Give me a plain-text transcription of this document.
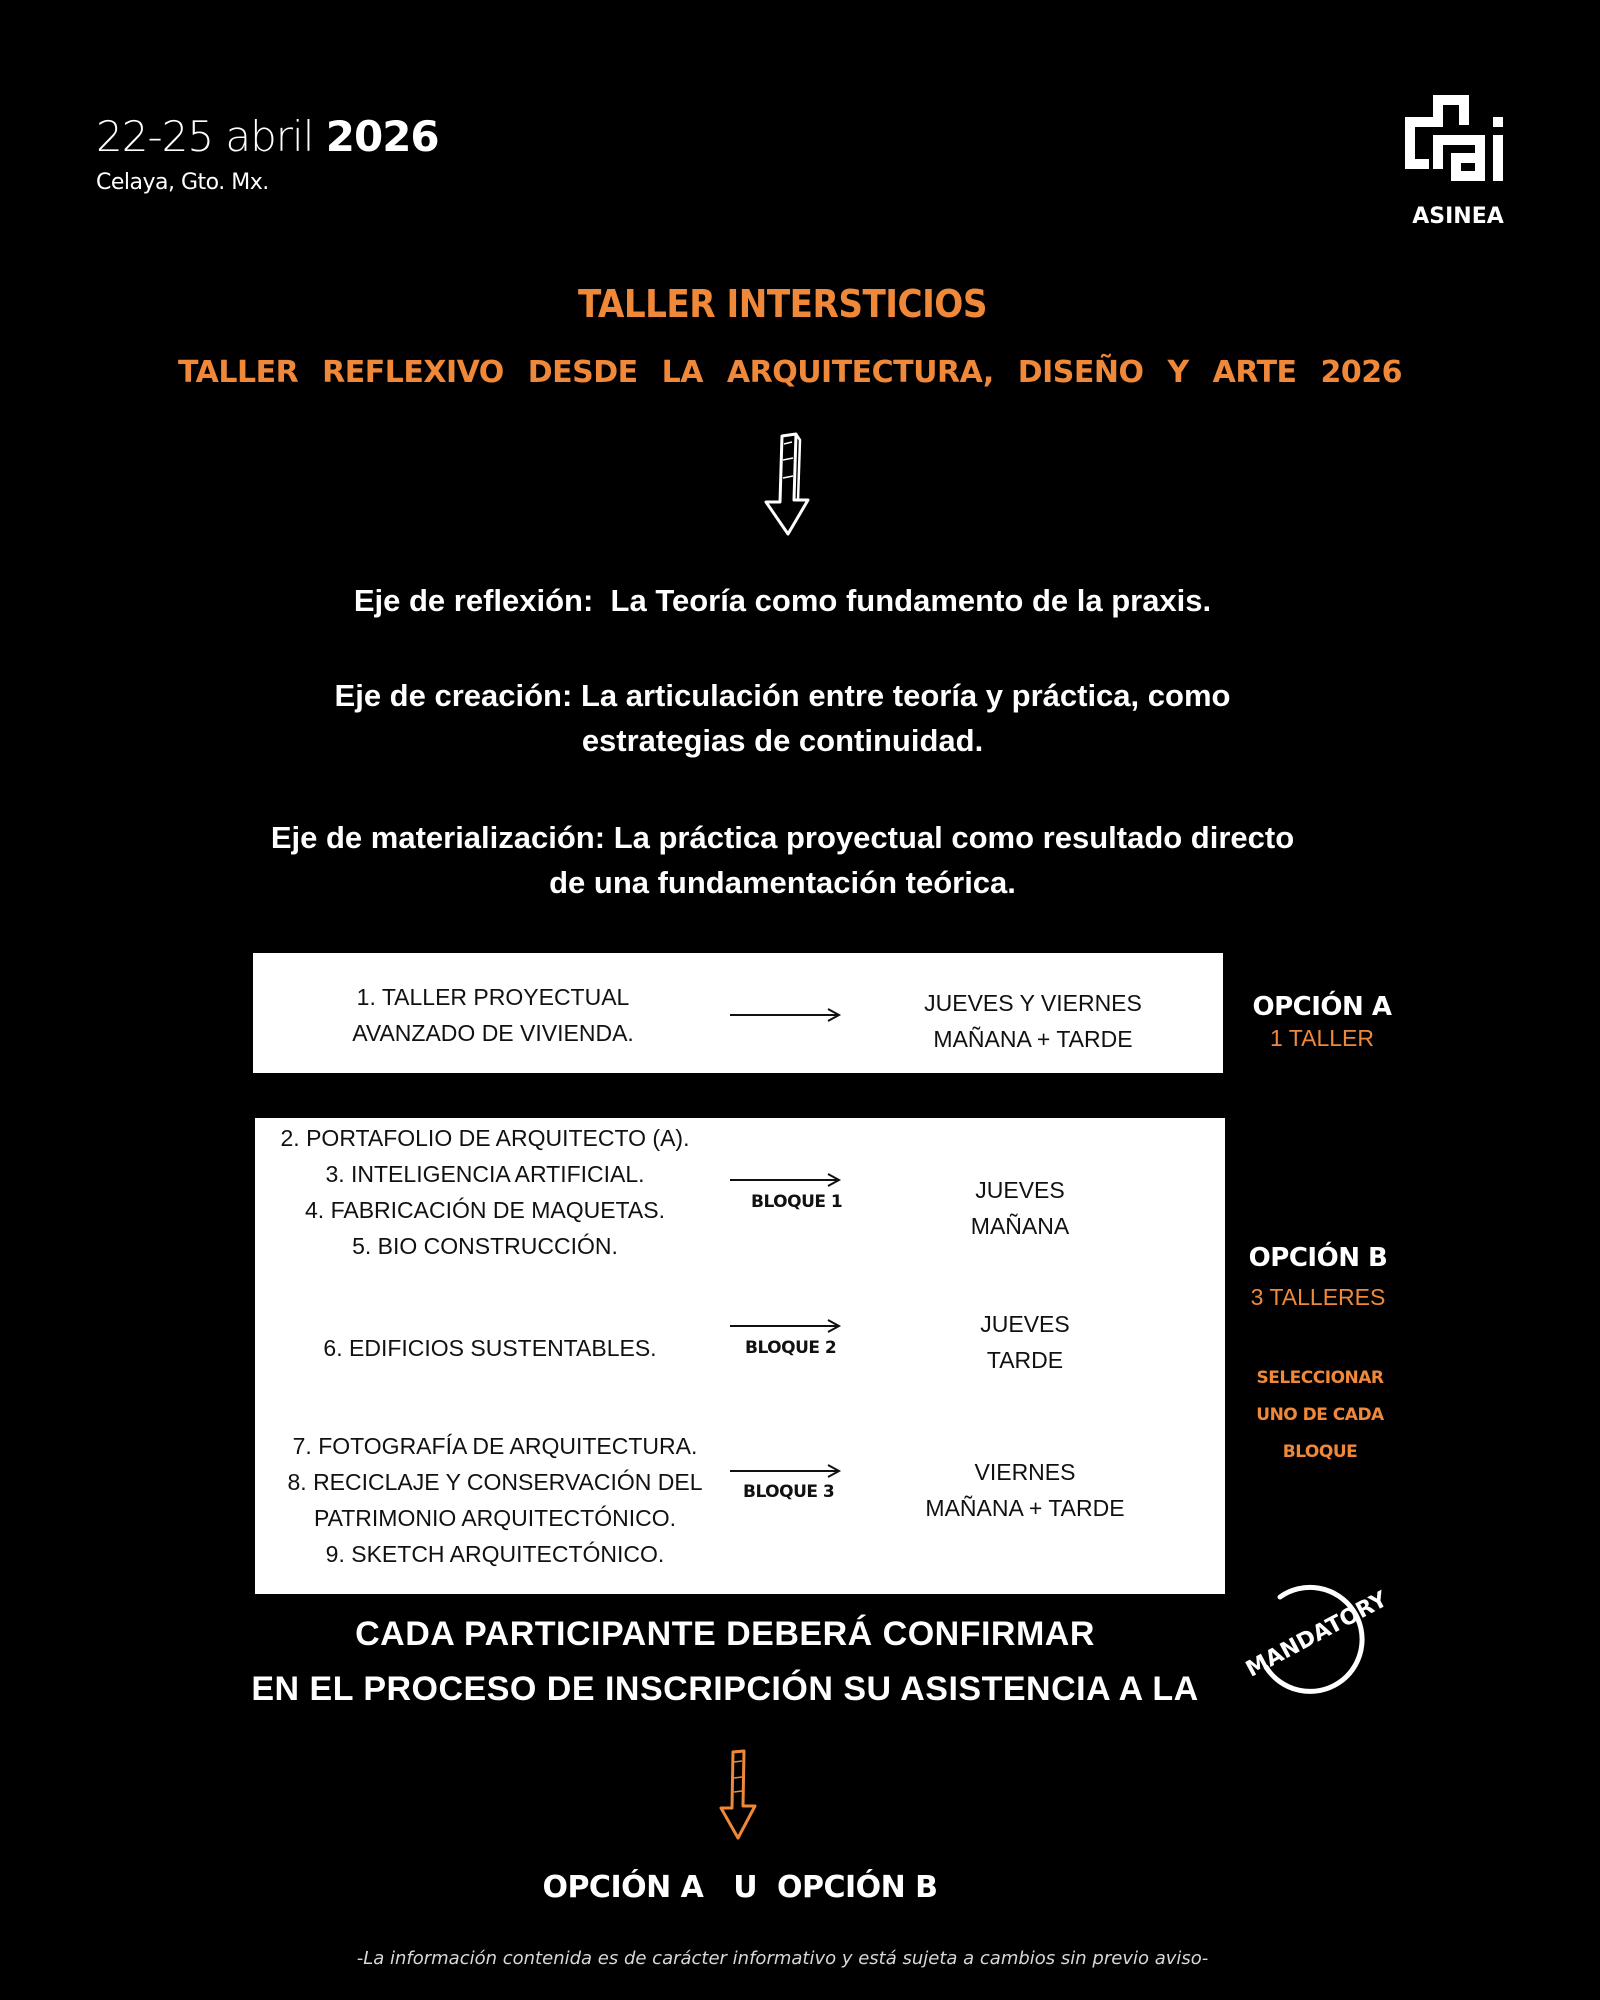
22-25 abril 2026
Celaya, Gto. Mx.
ASINEA
TALLER INTERSTICIOS
TALLER REFLEXIVO DESDE LA ARQUITECTURA, DISEÑO Y ARTE 2026
Eje de reflexión: La Teoría como fundamento de la praxis.
Eje de creación: La articulación entre teoría y práctica, como
estrategias de continuidad.
Eje de materialización: La práctica proyectual como resultado directo
de una fundamentación teórica.
1. TALLER PROYECTUAL
AVANZADO DE VIVIENDA.
JUEVES Y VIERNES
MAÑANA + TARDE
OPCIÓN A
1 TALLER
2. PORTAFOLIO DE ARQUITECTO (A).
3. INTELIGENCIA ARTIFICIAL.
4. FABRICACIÓN DE MAQUETAS.
5. BIO CONSTRUCCIÓN.
BLOQUE 1	JUEVES
MAÑANA
6. EDIFICIOS SUSTENTABLES.	BLOQUE 2
JUEVES
TARDE
7. FOTOGRAFÍA DE ARQUITECTURA.
8. RECICLAJE Y CONSERVACIÓN DEL
PATRIMONIO ARQUITECTÓNICO.
9. SKETCH ARQUITECTÓNICO.
BLOQUE 3
VIERNES
MAÑANA + TARDE
OPCIÓN B
3 TALLERES
SELECCIONAR
UNO DE CADA BLOQUE
CADA PARTICIPANTE DEBERÁ CONFIRMAR
EN EL PROCESO DE INSCRIPCIÓN SU ASISTENCIA A LA
MANDATORY
OPCIÓN A   U  OPCIÓN B
-La información contenida es de carácter informativo y está sujeta a cambios sin previo aviso-
